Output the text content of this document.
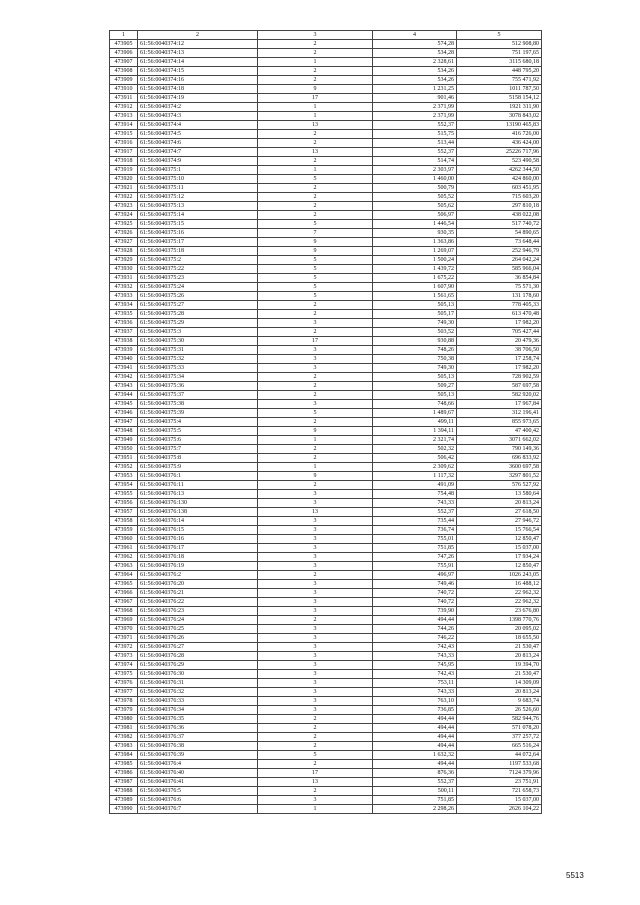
1	2	3	4	5
473905	61:56:0040374:12	2	574,28	512 908,80
473906	61:56:0040374:13	2	534,28	751 197,65
473907	61:56:0040374:14	1	2 328,61	3115 680,18
473908	61:56:0040374:15	2	534,26	448 795,20
473909	61:56:0040374:16	2	534,26	755 471,92
473910	61:56:0040374:18	9	1 231,25	1011 787,50
473911	61:56:0040374:19	17	901,46	5158 154,12
473912	61:56:0040374:2	1	2 371,99	1921 311,90
473913	61:56:0040374:3	1	2 371,99	3078 843,02
473914	61:56:0040374:4	13	552,37	13190 465,83
473915	61:56:0040374:5	2	515,75	416 726,00
473916	61:56:0040374:6	2	513,44	436 424,00
473917	61:56:0040374:7	13	552,37	25226 717,96
473918	61:56:0040374:9	2	514,74	523 490,58
473919	61:56:0040375:1	1	2 303,97	4262 344,50
473920	61:56:0040375:10	5	1 460,00	424 860,00
473921	61:56:0040375:11	2	500,79	603 451,95
473922	61:56:0040375:12	2	505,52	715 603,20
473923	61:56:0040375:13	2	505,62	297 810,18
473924	61:56:0040375:14	2	506,97	438 022,08
473925	61:56:0040375:15	5	1 446,54	517 740,72
473926	61:56:0040375:16	7	930,35	54 890,65
473927	61:56:0040375:17	9	1 363,86	73 648,44
473928	61:56:0040375:18	9	1 269,07	252 946,79
473929	61:56:0040375:2	5	1 500,24	264 042,24
473930	61:56:0040375:22	5	1 439,72	585 966,04
473931	61:56:0040375:23	5	1 675,22	36 854,84
473932	61:56:0040375:24	5	1 607,90	75 571,30
473933	61:56:0040375:26	5	1 561,65	131 178,60
473934	61:56:0040375:27	2	505,13	778 405,33
473935	61:56:0040375:28	2	505,17	613 470,48
473936	61:56:0040375:29	3	749,30	17 982,20
473937	61:56:0040375:3	2	503,52	705 427,44
473938	61:56:0040375:30	17	930,88	20 479,36
473939	61:56:0040375:31	3	748,26	38 706,50
473940	61:56:0040375:32	3	750,38	17 258,74
473941	61:56:0040375:33	3	749,30	17 982,20
473942	61:56:0040375:34	2	505,13	728 902,59
473943	61:56:0040375:36	2	509,27	587 697,58
473944	61:56:0040375:37	2	505,13	582 920,02
473945	61:56:0040375:38	3	748,66	17 967,84
473946	61:56:0040375:39	5	1 489,67	312 196,41
473947	61:56:0040375:4	2	499,11	855 973,65
473948	61:56:0040375:5	9	1 394,11	47 400,42
473949	61:56:0040375:6	1	2 321,74	3071 662,02
473950	61:56:0040375:7	2	502,32	790 149,36
473951	61:56:0040375:8	2	506,42	696 833,92
473952	61:56:0040375:9	1	2 309,62	3600 697,58
473953	61:56:0040376:1	9	1 117,32	3297 801,52
473954	61:56:0040376:11	2	491,09	576 527,92
473955	61:56:0040376:13	3	754,48	13 580,64
473956	61:56:0040376:130	3	743,33	20 813,24
473957	61:56:0040376:138	13	552,37	27 618,50
473958	61:56:0040376:14	3	735,44	27 946,72
473959	61:56:0040376:15	3	736,74	15 766,54
473960	61:56:0040376:16	3	755,01	12 850,47
473961	61:56:0040376:17	3	751,85	15 037,00
473962	61:56:0040376:18	3	747,26	17 934,24
473963	61:56:0040376:19	3	755,91	12 850,47
473964	61:56:0040376:2	2	496,97	1026 243,05
473965	61:56:0040376:20	3	749,46	16 488,12
473966	61:56:0040376:21	3	740,72	22 962,32
473967	61:56:0040376:22	3	740,72	22 962,32
473968	61:56:0040376:23	3	739,90	23 676,80
473969	61:56:0040376:24	2	494,44	1398 770,76
473970	61:56:0040376:25	3	744,26	20 095,02
473971	61:56:0040376:26	3	746,22	18 655,50
473972	61:56:0040376:27	3	742,43	21 530,47
473973	61:56:0040376:28	3	743,33	20 813,24
473974	61:56:0040376:29	3	745,95	19 394,70
473975	61:56:0040376:30	3	742,43	21 530,47
473976	61:56:0040376:31	3	753,11	14 309,09
473977	61:56:0040376:32	3	743,33	20 813,24
473978	61:56:0040376:33	3	763,10	9 683,74
473979	61:56:0040376:34	3	736,85	26 526,60
473980	61:56:0040376:35	2	494,44	582 944,76
473981	61:56:0040376:36	2	494,44	571 078,20
473982	61:56:0040376:37	2	494,44	377 257,72
473983	61:56:0040376:38	2	494,44	665 516,24
473984	61:56:0040376:39	5	1 632,32	44 072,64
473985	61:56:0040376:4	2	494,44	1197 533,68
473986	61:56:0040376:40	17	876,36	7124 379,96
473987	61:56:0040376:41	13	552,37	23 751,91
473988	61:56:0040376:5	2	500,11	721 658,73
473989	61:56:0040376:6	3	751,85	15 037,00
473990	61:56:0040376:7	1	2 298,26	2626 104,22
5513
